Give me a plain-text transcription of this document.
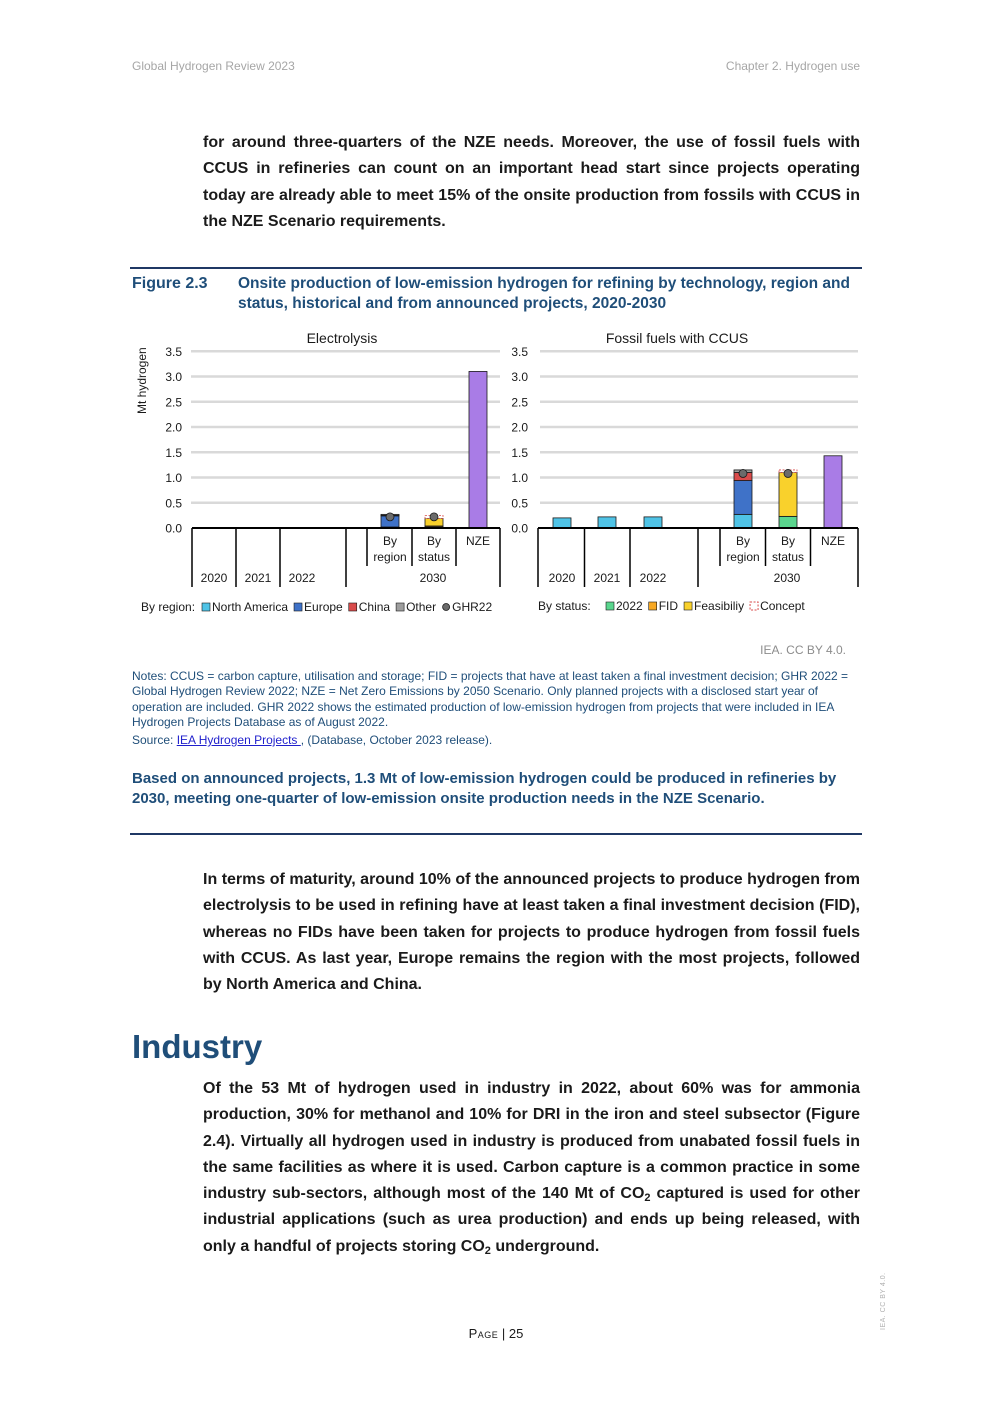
Global Hydrogen Review 2023	Chapter 2. Hydrogen use

for around three-quarters of the NZE needs. Moreover, the use of fossil fuels with CCUS in refineries can count on an important head start since projects operating today are already able to meet 15% of the onsite production from fossils with CCUS in the NZE Scenario requirements.

Figure 2.3 Onsite production of low-emission hydrogen for refining by technology, region and status, historical and from announced projects, 2020-2030
Mt hydrogen
Electrolysis
3.5
3.0
2.5
2.0
1.5
1.0
0.5
0.0
By
region
By
status
NZE
2020 2021 2022	2030
Fossil fuels with CCUS
3.5
3.0
2.5
2.0
1.5
1.0
0.5
0.0
By
region
By
status
NZE
2020 2021 2022	2030
By region: North America Europe China Other GHR22	By status: 2022 FID Feasibiliy Concept
IEA. CC BY 4.0.
Notes: CCUS = carbon capture, utilisation and storage; FID = projects that have at least taken a final investment decision; GHR 2022 = Global Hydrogen Review 2022; NZE = Net Zero Emissions by 2050 Scenario. Only planned projects with a disclosed start year of operation are included. GHR 2022 shows the estimated production of low-emission hydrogen from projects that were included in IEA Hydrogen Projects Database as of August 2022.
Source: IEA Hydrogen Projects , (Database, October 2023 release).
Based on announced projects, 1.3 Mt of low-emission hydrogen could be produced in refineries by 2030, meeting one-quarter of low-emission onsite production needs in the NZE Scenario.

In terms of maturity, around 10% of the announced projects to produce hydrogen from electrolysis to be used in refining have at least taken a final investment decision (FID), whereas no FIDs have been taken for projects to produce hydrogen from fossil fuels with CCUS. As last year, Europe remains the region with the most projects, followed by North America and China.

Industry

Of the 53 Mt of hydrogen used in industry in 2022, about 60% was for ammonia production, 30% for methanol and 10% for DRI in the iron and steel subsector (Figure 2.4). Virtually all hydrogen used in industry is produced from unabated fossil fuels in the same facilities as where it is used. Carbon capture is a common practice in some industry sub-sectors, although most of the 140 Mt of $CO_2$ captured is used for other industrial applications (such as urea production) and ends up being released, with only a handful of projects storing $CO_2$ underground.

Page | 25
IEA. CC BY 4.0.
